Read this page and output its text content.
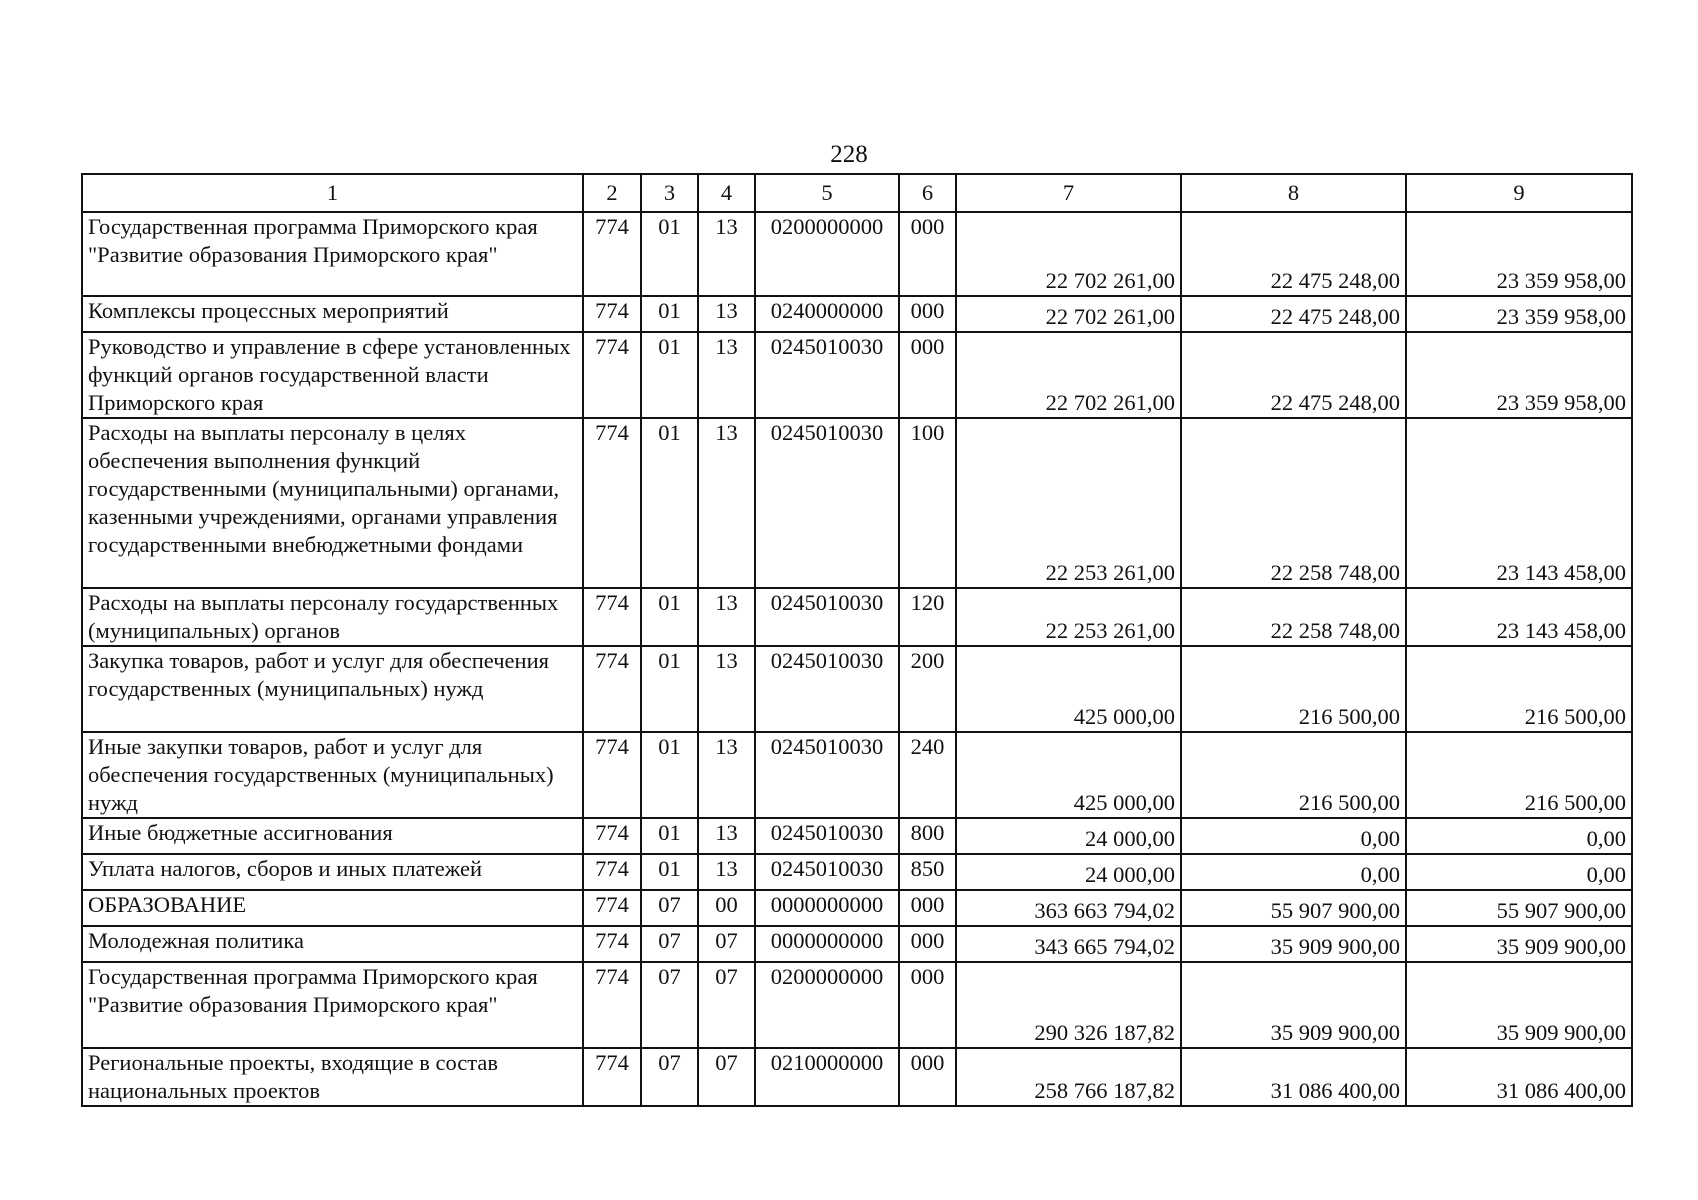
228
1	2	3	4	5	6	7	8	9
Государственная программа Приморского края "Развитие образования Приморского края"	774	01	13	0200000000	000	22 702 261,00	22 475 248,00	23 359 958,00
Комплексы процессных мероприятий	774	01	13	0240000000	000	22 702 261,00	22 475 248,00	23 359 958,00
Руководство и управление в сфере установленных функций органов государственной власти Приморского края	774	01	13	0245010030	000	22 702 261,00	22 475 248,00	23 359 958,00
Расходы на выплаты персоналу в целях обеспечения выполнения функций государственными (муниципальными) органами, казенными учреждениями, органами управления государственными внебюджетными фондами	774	01	13	0245010030	100	22 253 261,00	22 258 748,00	23 143 458,00
Расходы на выплаты персоналу государственных (муниципальных) органов	774	01	13	0245010030	120	22 253 261,00	22 258 748,00	23 143 458,00
Закупка товаров, работ и услуг для обеспечения государственных (муниципальных) нужд	774	01	13	0245010030	200	425 000,00	216 500,00	216 500,00
Иные закупки товаров, работ и услуг для обеспечения государственных (муниципальных) нужд	774	01	13	0245010030	240	425 000,00	216 500,00	216 500,00
Иные бюджетные ассигнования	774	01	13	0245010030	800	24 000,00	0,00	0,00
Уплата налогов, сборов и иных платежей	774	01	13	0245010030	850	24 000,00	0,00	0,00
ОБРАЗОВАНИЕ	774	07	00	0000000000	000	363 663 794,02	55 907 900,00	55 907 900,00
Молодежная политика	774	07	07	0000000000	000	343 665 794,02	35 909 900,00	35 909 900,00
Государственная программа Приморского края "Развитие образования Приморского края"	774	07	07	0200000000	000	290 326 187,82	35 909 900,00	35 909 900,00
Региональные проекты, входящие в состав национальных проектов	774	07	07	0210000000	000	258 766 187,82	31 086 400,00	31 086 400,00
